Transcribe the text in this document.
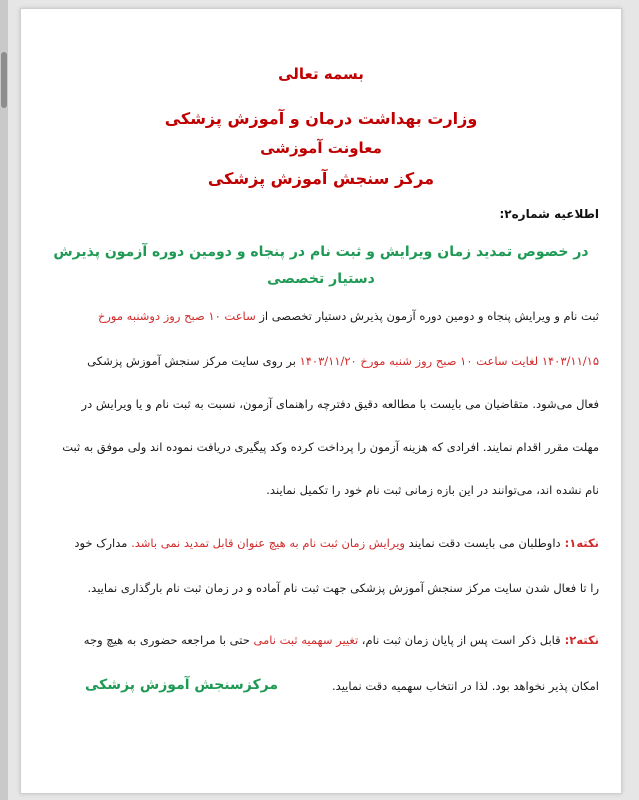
بسمه تعالی
وزارت بهداشت درمان و آموزش پزشکی
معاونت آموزشی
مرکز سنجش آموزش پزشکی
اطلاعیه شماره۲:
در خصوص تمدید زمان ویرایش و ثبت نام در پنجاه و دومین دوره آزمون پذیرش
دستیار تخصصی
ثبت نام و ویرایش پنجاه و دومین دوره آزمون پذیرش دستیار تخصصی از ساعت ۱۰ صبح روز دوشنبه مورخ
۱۴۰۳/۱۱/۱۵ لغایت ساعت ۱۰ صبح روز شنبه مورخ ۱۴۰۳/۱۱/۲۰ بر روی سایت مرکز سنجش آموزش پزشکی
فعال می‌شود. متقاضیان می بایست با مطالعه دقیق دفترچه راهنمای آزمون، نسبت به ثبت نام و یا ویرایش در
مهلت مقرر اقدام نمایند. افرادی که هزینه آزمون را پرداخت کرده وکد پیگیری دریافت نموده اند ولی موفق به ثبت
نام نشده اند، می‌توانند در این بازه زمانی ثبت نام خود را تکمیل نمایند.
نکته۱: داوطلبان می بایست دقت نمایند ویرایش زمان ثبت نام به هیچ عنوان قابل تمدید نمی باشد. مدارک خود
را تا فعال شدن سایت مرکز سنجش آموزش پزشکی جهت ثبت نام آماده و در زمان ثبت نام بارگذاری نمایید.
نکته۲: قابل ذکر است پس از پایان زمان ثبت نام، تغییر سهمیه ثبت نامی حتی با مراجعه حضوری به هیچ وجه
امکان پذیر نخواهد بود. لذا در انتخاب سهمیه دقت نمایید.
مرکزسنجش آموزش پزشکی
